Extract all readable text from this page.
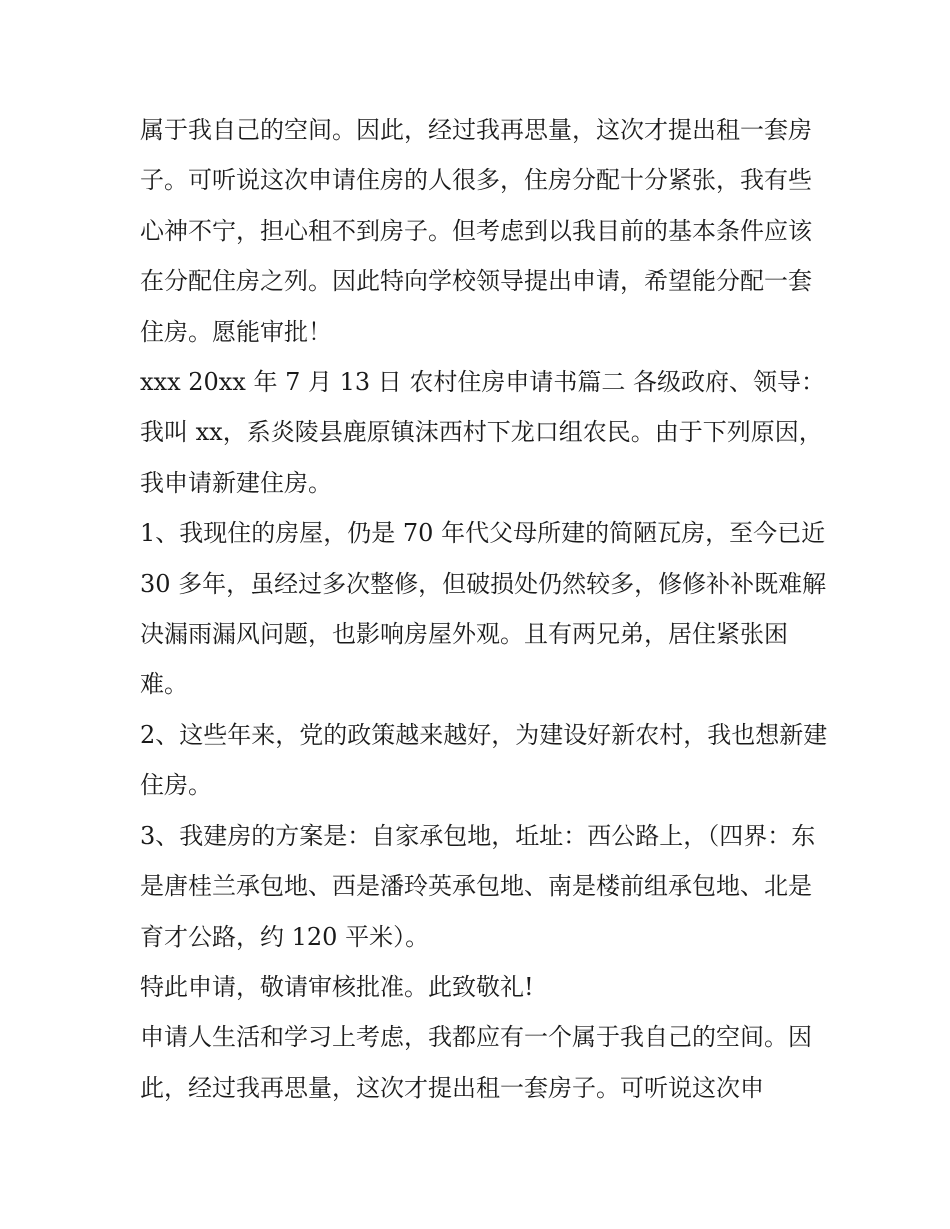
属于我自己的空间。因此，经过我再思量，这次才提出租一套房子。可听说这次申请住房的人很多，住房分配十分紧张，我有些心神不宁，担心租不到房子。但考虑到以我目前的基本条件应该在分配住房之列。因此特向学校领导提出申请，希望能分配一套住房。愿能审批！

xxx 20xx 年 7 月 13 日 农村住房申请书篇二 各级政府、领导：我叫 xx，系炎陵县鹿原镇沫西村下龙口组农民。由于下列原因，我申请新建住房。

1、我现住的房屋，仍是 70 年代父母所建的简陋瓦房，至今已近 30 多年，虽经过多次整修，但破损处仍然较多，修修补补既难解决漏雨漏风问题，也影响房屋外观。且有两兄弟，居住紧张困难。

2、这些年来，党的政策越来越好，为建设好新农村，我也想新建住房。

3、我建房的方案是：自家承包地，坵址：西公路上，（四界：东是唐桂兰承包地、西是潘玲英承包地、南是楼前组承包地、北是育才公路，约 120 平米）。

特此申请，敬请审核批准。此致敬礼!

申请人生活和学习上考虑，我都应有一个属于我自己的空间。因此，经过我再思量，这次才提出租一套房子。可听说这次申
